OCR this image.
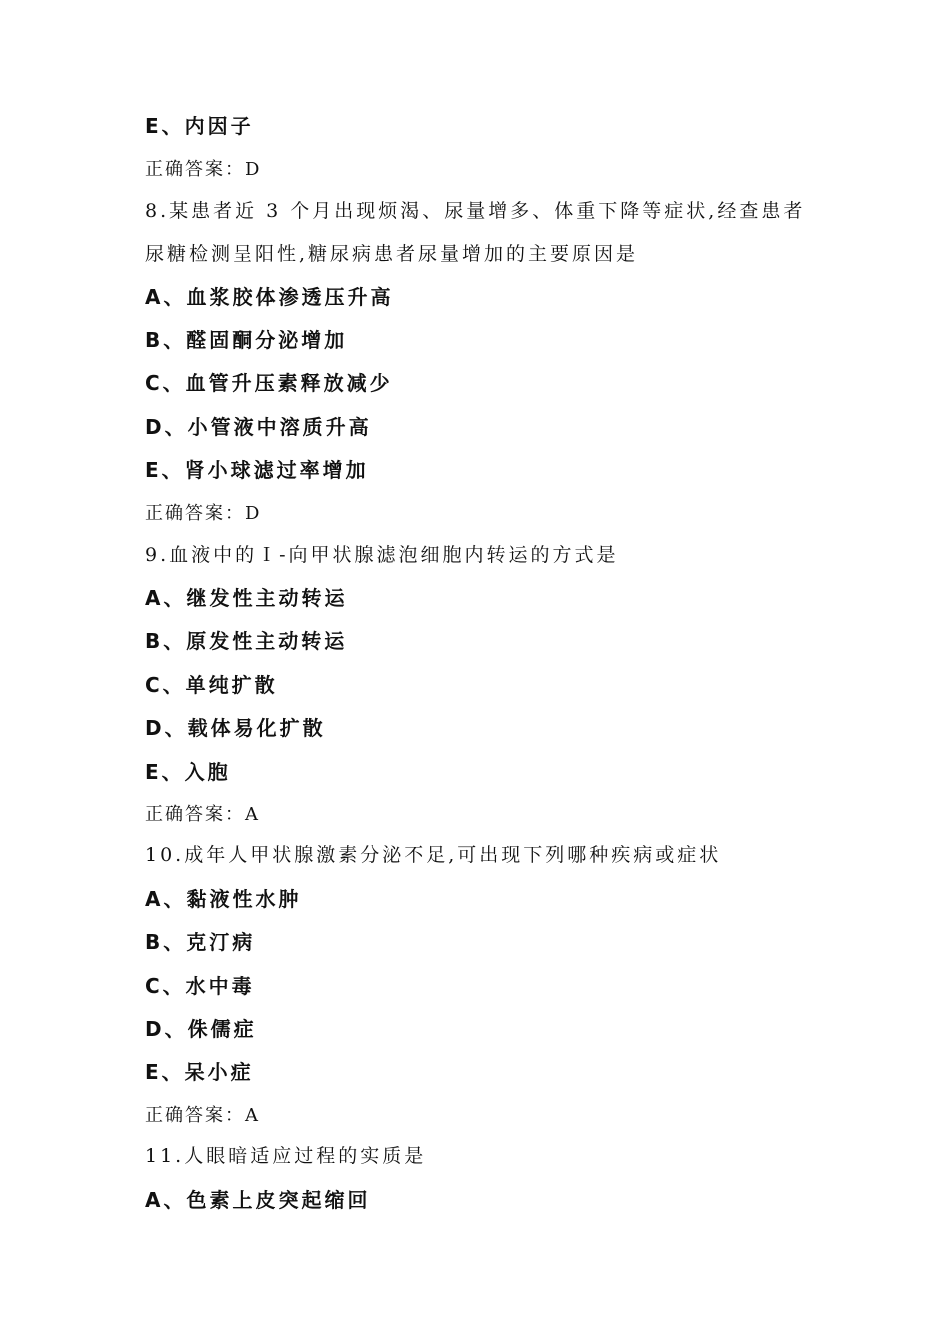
E、内因子
正确答案：D
8.某患者近 3 个月出现烦渴、尿量增多、体重下降等症状,经查患者
尿糖检测呈阳性,糖尿病患者尿量增加的主要原因是
A、血浆胶体渗透压升高
B、醛固酮分泌增加
C、血管升压素释放减少
D、小管液中溶质升高
E、肾小球滤过率增加
正确答案：D
9.血液中的Ｉ-向甲状腺滤泡细胞内转运的方式是
A、继发性主动转运
B、原发性主动转运
C、单纯扩散
D、载体易化扩散
E、入胞
正确答案：A
10.成年人甲状腺激素分泌不足,可出现下列哪种疾病或症状
A、黏液性水肿
B、克汀病
C、水中毒
D、侏儒症
E、呆小症
正确答案：A
11.人眼暗适应过程的实质是
A、色素上皮突起缩回
